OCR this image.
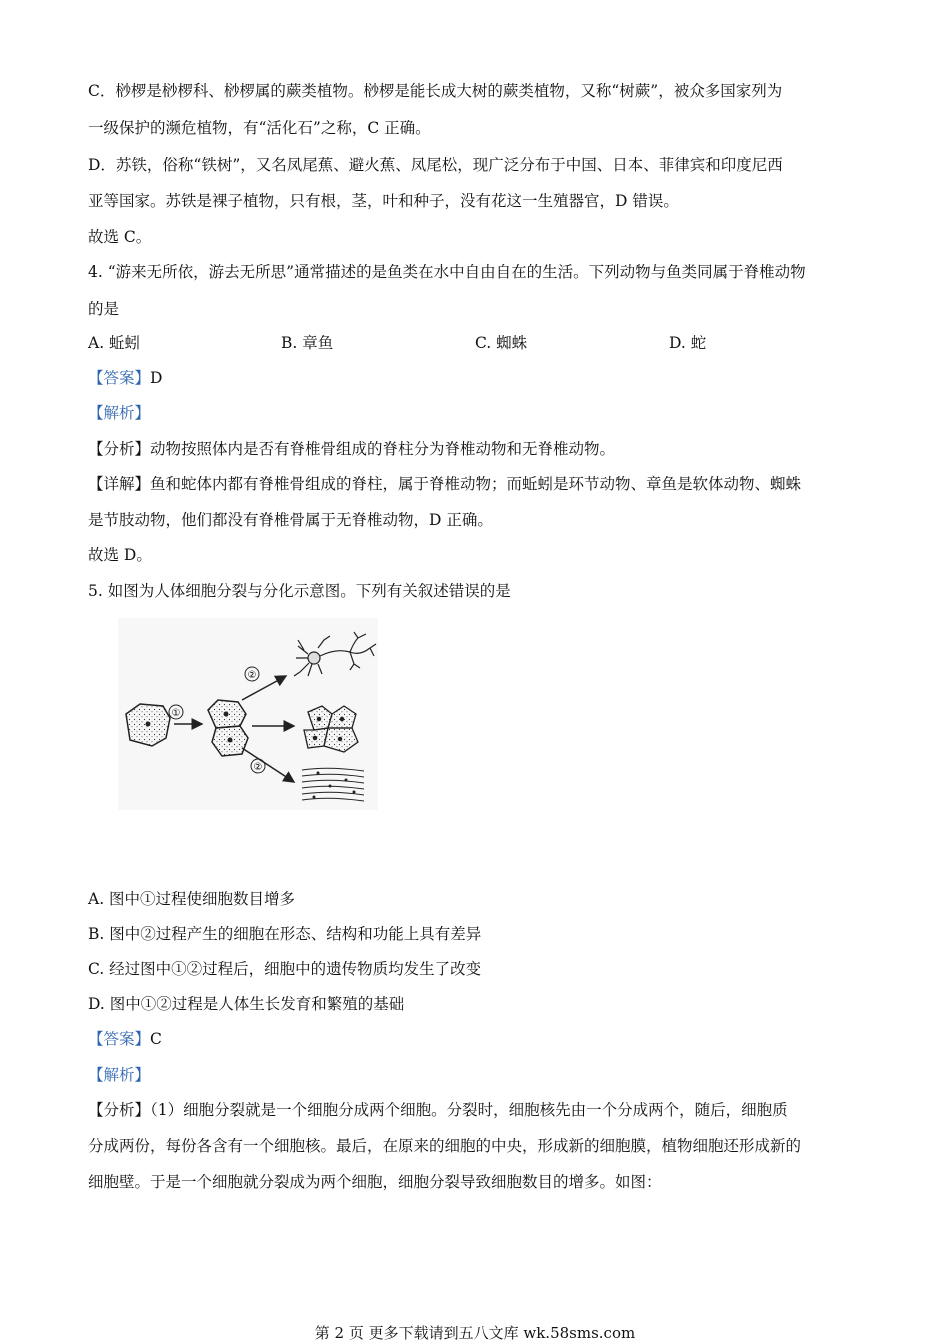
C．桫椤是桫椤科、桫椤属的蕨类植物。桫椤是能长成大树的蕨类植物，又称“树蕨”，被众多国家列为
一级保护的濒危植物，有“活化石”之称，C 正确。
D．苏铁，俗称“铁树”，又名凤尾蕉、避火蕉、凤尾松，现广泛分布于中国、日本、菲律宾和印度尼西
亚等国家。苏铁是裸子植物，只有根，茎，叶和种子，没有花这一生殖器官，D 错误。
故选 C。
4. “游来无所依，游去无所思”通常描述的是鱼类在水中自由自在的生活。下列动物与鱼类同属于脊椎动物
的是
A. 蚯蚓	B. 章鱼	C. 蜘蛛	D. 蛇
【答案】D
【解析】
【分析】动物按照体内是否有脊椎骨组成的脊柱分为脊椎动物和无脊椎动物。
【详解】鱼和蛇体内都有脊椎骨组成的脊柱，属于脊椎动物；而蚯蚓是环节动物、章鱼是软体动物、蜘蛛
是节肢动物，他们都没有脊椎骨属于无脊椎动物，D 正确。
故选 D。
5. 如图为人体细胞分裂与分化示意图。下列有关叙述错误的是
①
②
②
A. 图中①过程使细胞数目增多
B. 图中②过程产生的细胞在形态、结构和功能上具有差异
C. 经过图中①②过程后，细胞中的遗传物质均发生了改变
D. 图中①②过程是人体生长发育和繁殖的基础
【答案】C
【解析】
【分析】（1）细胞分裂就是一个细胞分成两个细胞。分裂时，细胞核先由一个分成两个，随后，细胞质
分成两份，每份各含有一个细胞核。最后，在原来的细胞的中央，形成新的细胞膜，植物细胞还形成新的
细胞壁。于是一个细胞就分裂成为两个细胞，细胞分裂导致细胞数目的增多。如图：
第 2 页 更多下载请到五八文库 wk.58sms.com
